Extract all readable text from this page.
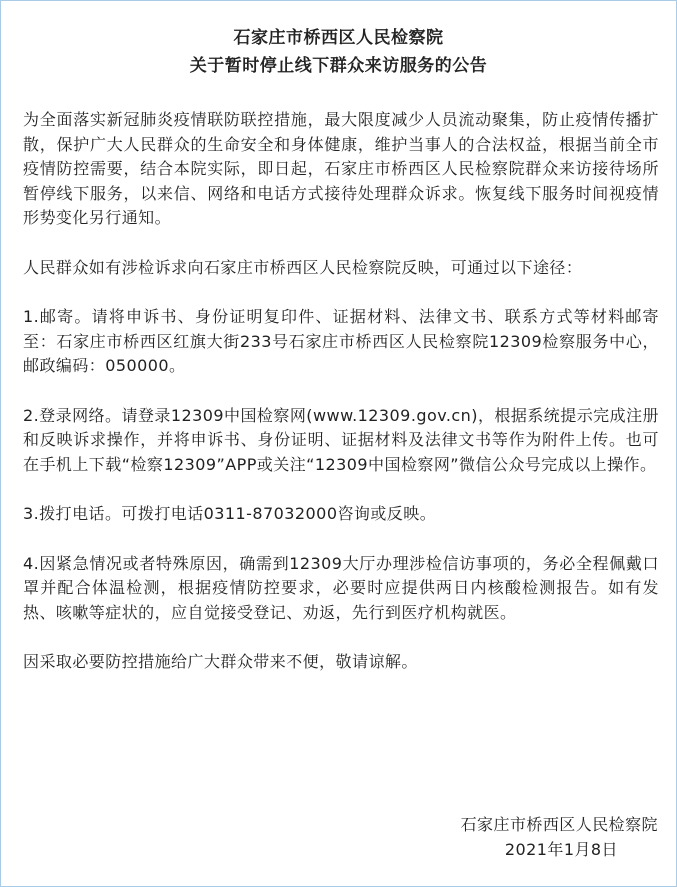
石家庄市桥西区人民检察院
关于暂时停止线下群众来访服务的公告

为全面落实新冠肺炎疫情联防联控措施，最大限度减少人员流动聚集，防止疫情传播扩散，保护广大人民群众的生命安全和身体健康，维护当事人的合法权益，根据当前全市疫情防控需要，结合本院实际，即日起，石家庄市桥西区人民检察院群众来访接待场所暂停线下服务，以来信、网络和电话方式接待处理群众诉求。恢复线下服务时间视疫情形势变化另行通知。

人民群众如有涉检诉求向石家庄市桥西区人民检察院反映，可通过以下途径：

1.邮寄。请将申诉书、身份证明复印件、证据材料、法律文书、联系方式等材料邮寄至：石家庄市桥西区红旗大街233号石家庄市桥西区人民检察院12309检察服务中心，邮政编码：050000。

2.登录网络。请登录12309中国检察网(www.12309.gov.cn)，根据系统提示完成注册和反映诉求操作，并将申诉书、身份证明、证据材料及法律文书等作为附件上传。也可在手机上下载“检察12309”APP或关注“12309中国检察网”微信公众号完成以上操作。

3.拨打电话。可拨打电话0311-87032000咨询或反映。

4.因紧急情况或者特殊原因，确需到12309大厅办理涉检信访事项的，务必全程佩戴口罩并配合体温检测，根据疫情防控要求，必要时应提供两日内核酸检测报告。如有发热、咳嗽等症状的，应自觉接受登记、劝返，先行到医疗机构就医。

因采取必要防控措施给广大群众带来不便，敬请谅解。

石家庄市桥西区人民检察院
2021年1月8日
